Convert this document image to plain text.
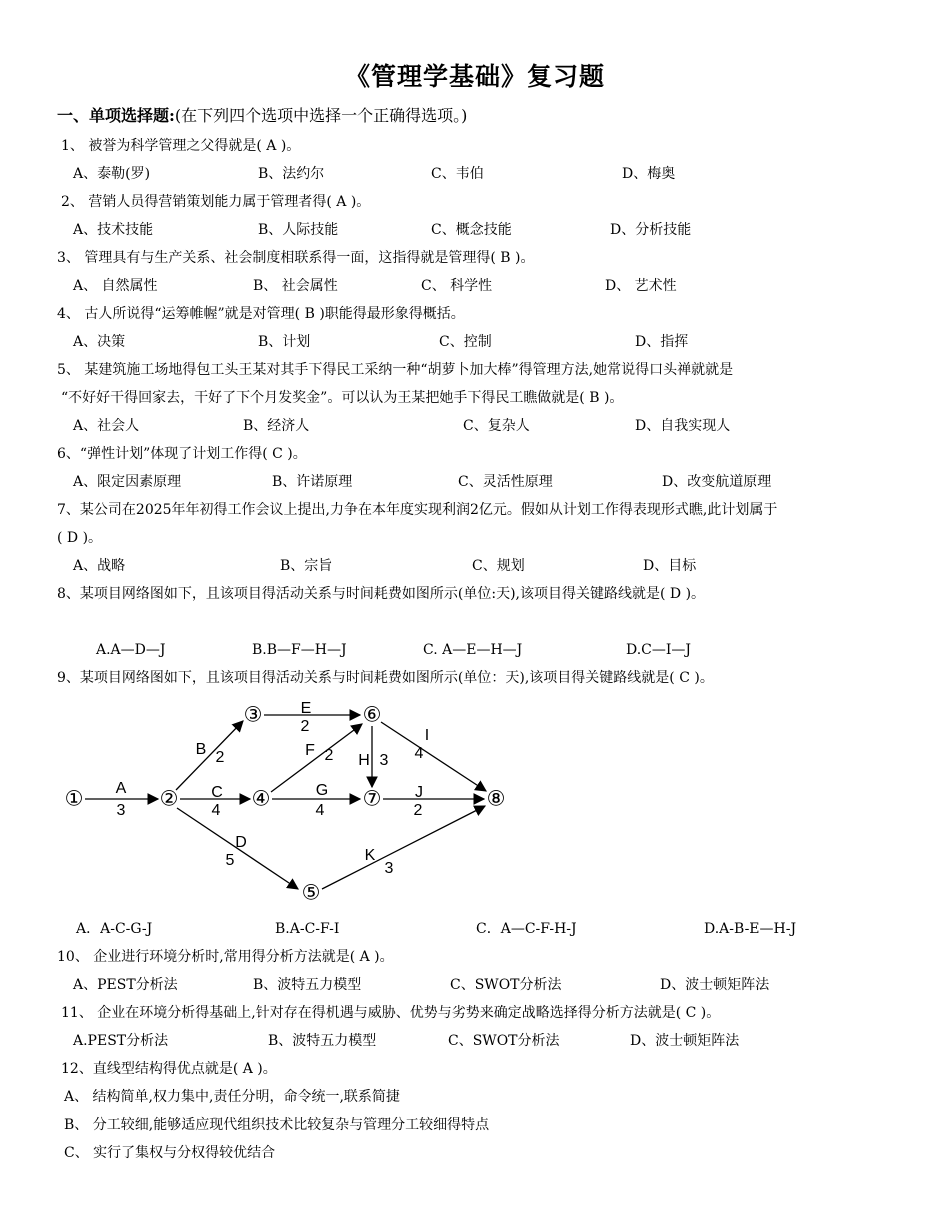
《管理学基础》复习题
一、单项选择题:(在下列四个选项中选择一个正确得选项。)
1、 被誉为科学管理之父得就是( A )。
A、泰勒(罗)	B、法约尔	C、韦伯	D、梅奥
2、 营销人员得营销策划能力属于管理者得( A )。
A、技术技能	B、人际技能	C、概念技能	D、分析技能
3、 管理具有与生产关系、社会制度相联系得一面，这指得就是管理得( B )。
A、 自然属性	B、 社会属性	C、 科学性	D、 艺术性
4、 古人所说得“运筹帷幄”就是对管理( B )职能得最形象得概括。
A、决策	B、计划	C、控制	D、指挥
5、 某建筑施工场地得包工头王某对其手下得民工采纳一种“胡萝卜加大棒”得管理方法,她常说得口头禅就就是
“不好好干得回家去，干好了下个月发奖金”。可以认为王某把她手下得民工瞧做就是( B )。
A、社会人	B、经济人	C、复杂人	D、自我实现人
6、“弹性计划”体现了计划工作得( C )。
A、限定因素原理	B、许诺原理	C、灵活性原理	D、改变航道原理
7、某公司在2025年年初得工作会议上提出,力争在本年度实现利润2亿元。假如从计划工作得表现形式瞧,此计划属于
( D )。
A、战略	B、宗旨	C、规划	D、目标
8、某项目网络图如下，且该项目得活动关系与时间耗费如图所示(单位:天),该项目得关键路线就是( D )。
A.A—D—J	B.B—F—H—J	C. A—E—H—J	D.C—I—J
9、某项目网络图如下，且该项目得活动关系与时间耗费如图所示(单位：天),该项目得关键路线就是( C )。
①	②
③
④
⑤
⑥
⑦	⑧
A
3
B 2
C
4
D
5
E
2
F 2
G
4
H 3
I
4
J
2
K
3
A．A-C-G-J	B.A-C-F-I	C．A—C-F-H-J	D.A-B-E—H-J
10、 企业进行环境分析时,常用得分析方法就是( A )。
A、PEST分析法	B、波特五力模型	C、SWOT分析法	D、波士顿矩阵法
11、 企业在环境分析得基础上,针对存在得机遇与威胁、优势与劣势来确定战略选择得分析方法就是( C )。
A.PEST分析法	B、波特五力模型	C、SWOT分析法	D、波士顿矩阵法
12、直线型结构得优点就是( A )。
A、 结构简单,权力集中,责任分明，命令统一,联系简捷
B、 分工较细,能够适应现代组织技术比较复杂与管理分工较细得特点
C、 实行了集权与分权得较优结合
